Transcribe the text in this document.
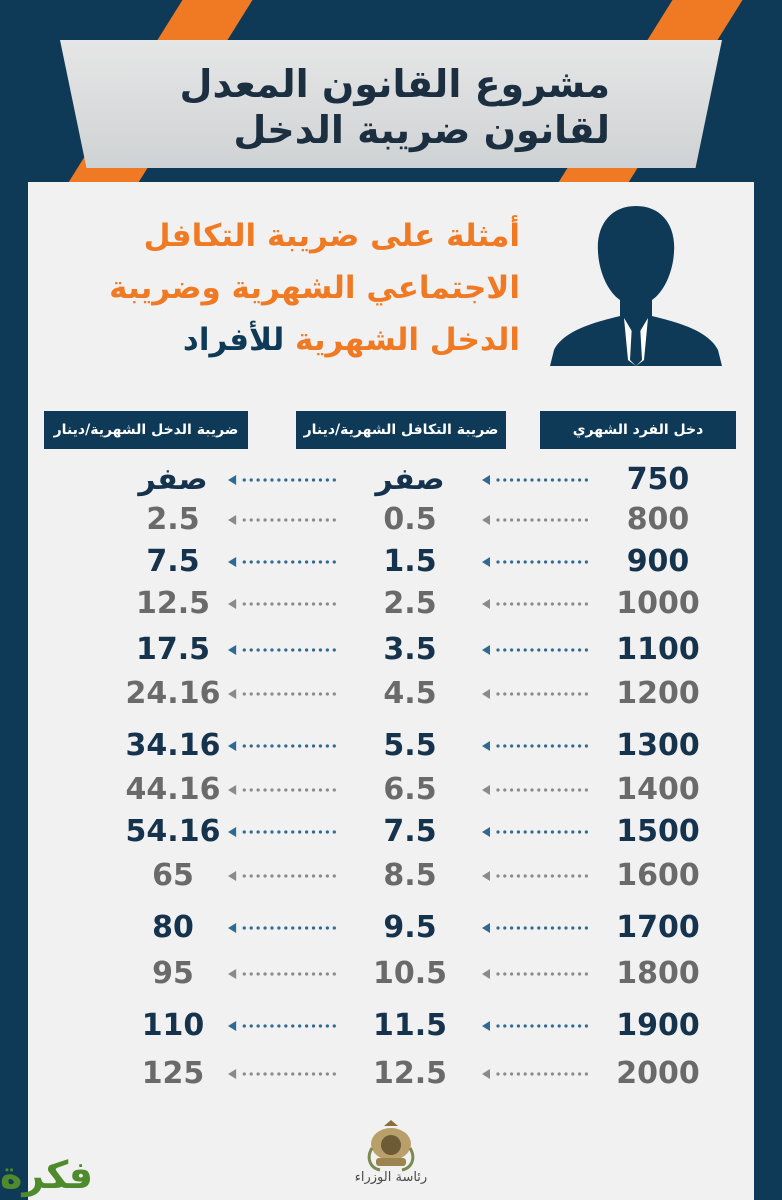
مشروع القانون المعدل
لقانون ضريبة الدخل
أمثلة على ضريبة التكافل
الاجتماعي الشهرية وضريبة
الدخل الشهرية للأفراد
دخل الفرد الشهري
ضريبة التكافل الشهرية/دينار
ضريبة الدخل الشهرية/دينار
750
صفر
صفر
800
0.5
2.5
900
1.5
7.5
1000
2.5
12.5
1100
3.5
17.5
1200
4.5
24.16
1300
5.5
34.16
1400
6.5
44.16
1500
7.5
54.16
1600
8.5
65
1700
9.5
80
1800
10.5
95
1900
11.5
110
2000
12.5
125
رئاسة الوزراء
فكرة
